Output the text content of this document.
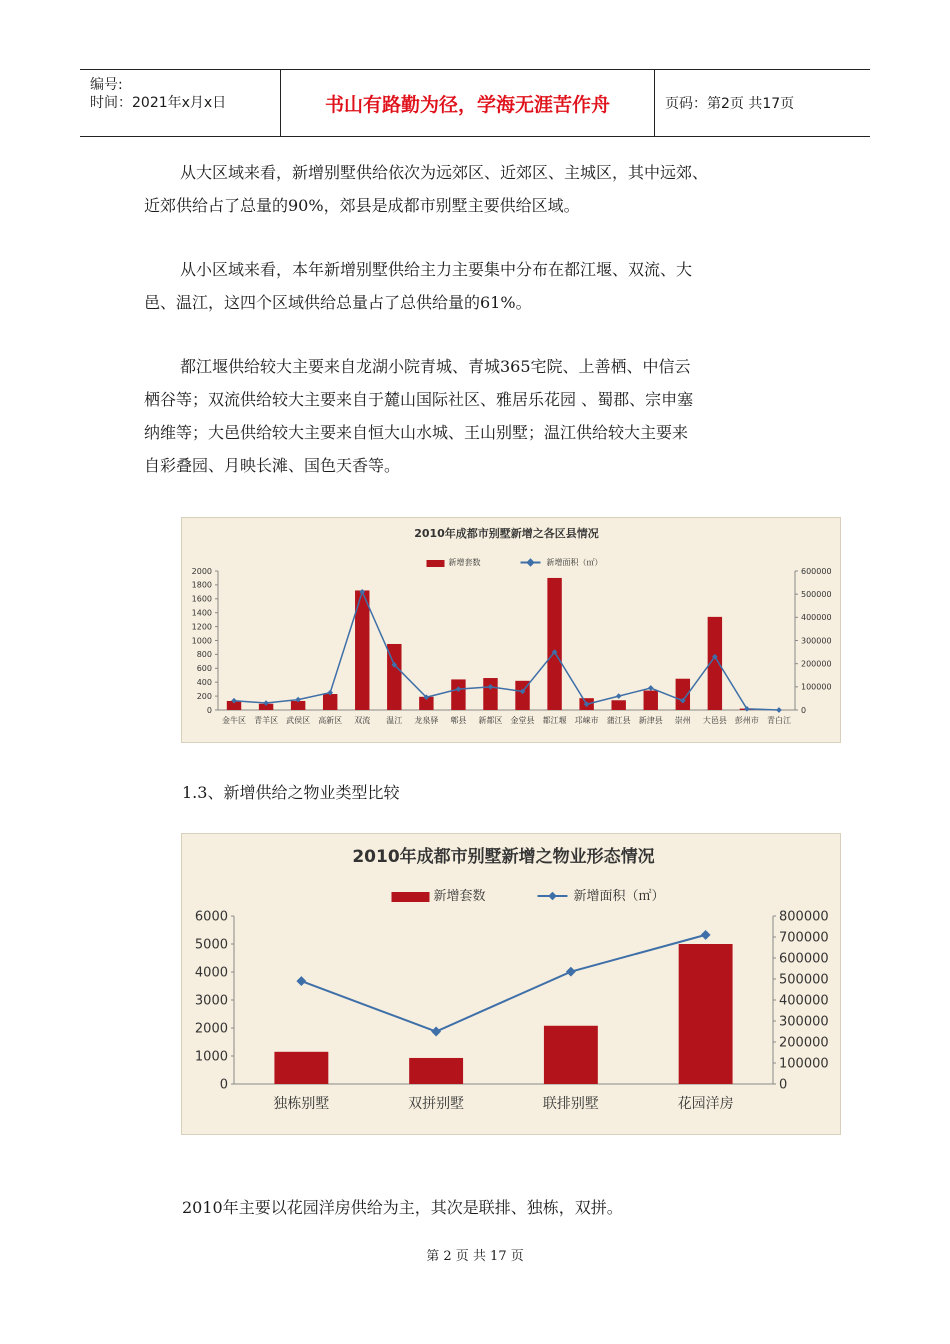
编号:
时间：2021年x月x日	书山有路勤为径，学海无涯苦作舟	页码：第2页 共17页
从大区域来看，新增别墅供给依次为远郊区、近郊区、主城区，其中远郊、
近郊供给占了总量的90%，郊县是成都市别墅主要供给区域。
从小区域来看，本年新增别墅供给主力主要集中分布在都江堰、双流、大
邑、温江，这四个区域供给总量占了总供给量的61%。
都江堰供给较大主要来自龙湖小院青城、青城365宅院、上善栖、中信云
栖谷等；双流供给较大主要来自于麓山国际社区、雅居乐花园 、蜀郡、宗申塞
纳维等；大邑供给较大主要来自恒大山水城、王山别墅；温江供给较大主要来
自彩叠园、月映长滩、国色天香等。
2010年成都市别墅新增之各区县情况
新增套数	新增面积（㎡）
0
200
400
600
800
1000
1200
1400
1600
1800
2000
0
100000
200000
300000
400000
500000
600000
金牛区 青羊区 武侯区 高新区 双流 温江 龙泉驿 郫县 新都区 金堂县 都江堰 邛崃市 蒲江县 新津县 崇州 大邑县 彭州市 青白江
1.3、新增供给之物业类型比较
2010年成都市别墅新增之物业形态情况
新增套数	新增面积（㎡）
0
1000
2000
3000
4000
5000
6000
0
100000
200000
300000
400000
500000
600000
700000
800000
独栋别墅	双拼别墅	联排别墅	花园洋房
2010年主要以花园洋房供给为主，其次是联排、独栋，双拼。
第 2 页 共 17 页
